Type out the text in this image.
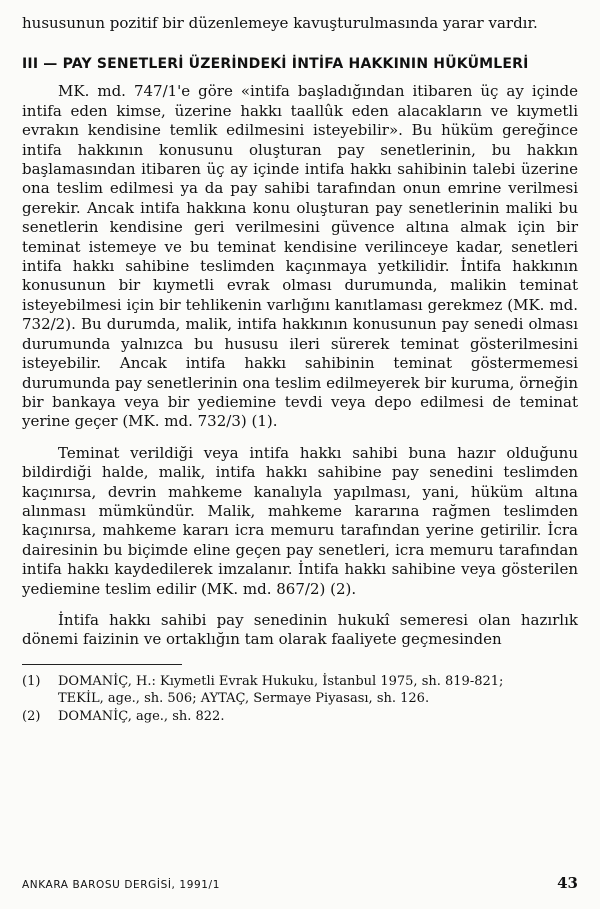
hususunun pozitif bir düzenlemeye kavuşturulmasında yarar vardır.

III — PAY SENETLERİ ÜZERİNDEKİ İNTİFA HAKKININ HÜKÜMLERİ

MK. md. 747/1'e göre «intifa başladığından itibaren üç ay içinde intifa eden kimse, üzerine hakkı taallûk eden alacakların ve kıymetli evrakın kendisine temlik edilmesini isteyebilir». Bu hüküm gereğince intifa hakkının konusunu oluşturan pay senetlerinin, bu hakkın başlamasından itibaren üç ay içinde intifa hakkı sahibinin talebi üzerine ona teslim edilmesi ya da pay sahibi tarafından onun emrine verilmesi gerekir. Ancak intifa hakkına konu oluşturan pay senetlerinin maliki bu senetlerin kendisine geri verilmesini güvence altına almak için bir teminat istemeye ve bu teminat kendisine verilinceye kadar, senetleri intifa hakkı sahibine teslimden kaçınmaya yetkilidir. İntifa hakkının konusunun bir kıymetli evrak olması durumunda, malikin teminat isteyebilmesi için bir tehlikenin varlığını kanıtlaması gerekmez (MK. md. 732/2). Bu durumda, malik, intifa hakkının konusunun pay senedi olması durumunda yalnızca bu hususu ileri sürerek teminat gösterilmesini isteyebilir. Ancak intifa hakkı sahibinin teminat göstermemesi durumunda pay senetlerinin ona teslim edilmeyerek bir kuruma, örneğin bir bankaya veya bir yediemine tevdi veya depo edilmesi de teminat yerine geçer (MK. md. 732/3) (1).

Teminat verildiği veya intifa hakkı sahibi buna hazır olduğunu bildirdiği halde, malik, intifa hakkı sahibine pay senedini teslimden kaçınırsa, devrin mahkeme kanalıyla yapılması, yani, hüküm altına alınması mümkündür. Malik, mahkeme kararına rağmen teslimden kaçınırsa, mahkeme kararı icra memuru tarafından yerine getirilir. İcra dairesinin bu biçimde eline geçen pay senetleri, icra memuru tarafından intifa hakkı kaydedilerek imzalanır. İntifa hakkı sahibine veya gösterilen yediemine teslim edilir (MK. md. 867/2) (2).

İntifa hakkı sahibi pay senedinin hukukî semeresi olan hazırlık dönemi faizinin ve ortaklığın tam olarak faaliyete geçmesinden

(1) DOMANİÇ, H.: Kıymetli Evrak Hukuku, İstanbul 1975, sh. 819-821;
TEKİL, agе., sh. 506; AYTAÇ, Sermaye Piyasası, sh. 126.
(2) DOMANİÇ, age., sh. 822.
ANKARA BAROSU DERGİSİ, 1991/1	43
